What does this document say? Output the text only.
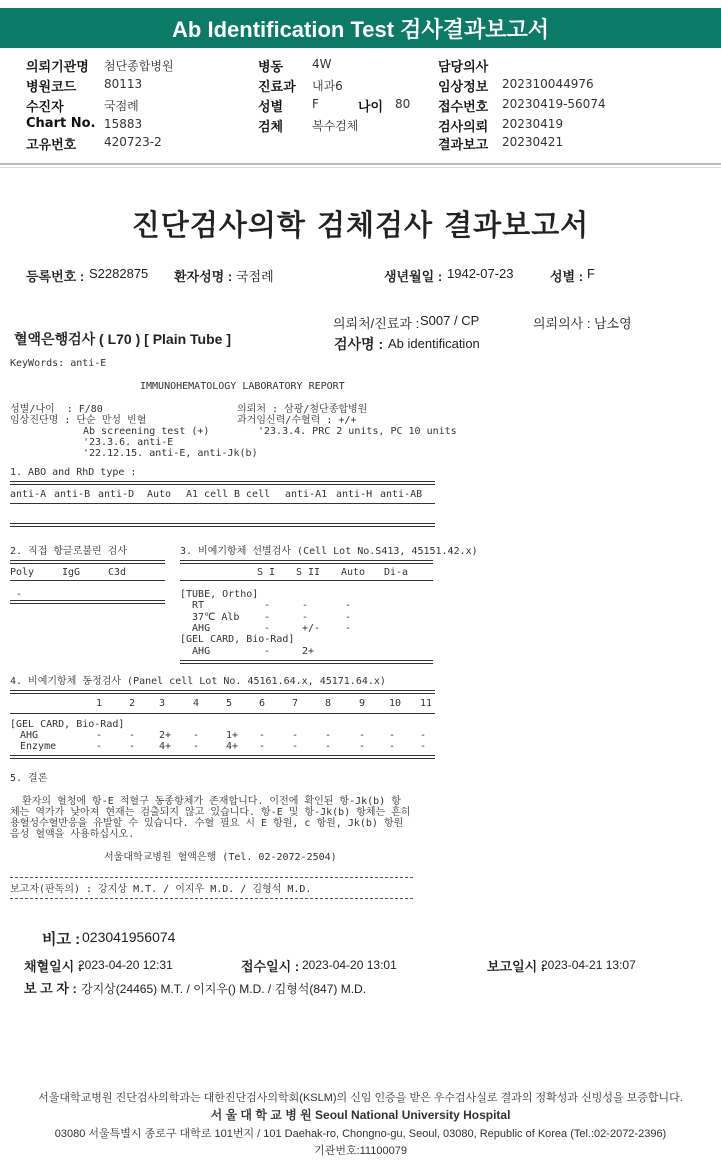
Ab Identification Test 검사결과보고서
의뢰기관명 첨단종합병원
병원코드 80113
수진자	국점례
Chart No. 15883
고유번호 420723-2
병동 4W
진료과 내과6
성별 F	나이 80
검체 복수검체
담당의사
임상정보 202310044976
접수번호 20230419-56074
검사의뢰 20230419
결과보고 20230421
진단검사의학 검체검사 결과보고서
등록번호 : S2282875 환자성명 : 국점례	생년월일 : 1942-07-23	성별 : F
의뢰처/진료과 : S007 / CP	의뢰의사 : 남소영
혈액은행검사 ( L70 ) [ Plain Tube ]	검사명 : Ab identification
KeyWords: anti-E
IMMUNOHEMATOLOGY LABORATORY REPORT
성별/나이  : F/80
임상진단명 : 단순 만성 빈혈
Ab screening test (+)
'23.3.6. anti-E
'22.12.15. anti-E, anti-Jk(b)
의뢰처 : 삼광/첨단종합병원
과거임신력/수혈력 : +/+
'23.3.4. PRC 2 units, PC 10 units
1. ABO and RhD type :
anti-A anti-B anti-D Auto A1 cell B cell anti-A1 anti-H anti-AB
2. 직접 항글로불린 검사
Poly	IgG	C3d
-
3. 비예기항체 선별검사 (Cell Lot No.S413, 45151.42.x)
S I S II Auto Di-a
[TUBE, Ortho]
RT	-	-	-
37℃ Alb -	-	-
AHG	-	+/- -
[GEL CARD, Bio-Rad]
AHG	-	2+
4. 비예기항체 동정검사 (Panel cell Lot No. 45161.64.x, 45171.64.x)
1	2 3	4	5	6	7	8	9 10 11
[GEL CARD, Bio-Rad]
AHG	-	- 2+ -	1+ -	-	-	- - -
Enzyme	-	- 4+ -	4+ -	-	-	- - -
5. 결론
환자의 혈청에 항-E 적혈구 동종항체가 존재합니다. 이전에 확인된 항-Jk(b) 항
체는 역가가 낮아져 현재는 검출되지 않고 있습니다. 항-E 및 항-Jk(b) 항체는 흔히
용혈성수혈반응을 유발할 수 있습니다. 수혈 필요 시 E 항원, c 항원, Jk(b) 항원
음성 혈액을 사용하십시오.
서울대학교병원 혈액은행 (Tel. 02-2072-2504)
보고자(판독의) : 강지상 M.T. / 이지우 M.D. / 김형석 M.D.
비고 : 023041956074
채혈일시 :
2023-04-20 12:31	접수일시 : 2023-04-20 13:01	보고일시 :
2023-04-21 13:07
보 고 자 : 강지상(24465) M.T. / 이지우() M.D. / 김형석(847) M.D.
서울대학교병원 진단검사의학과는 대한진단검사의학회(KSLM)의 신임 인증을 받은 우수검사실로 결과의 정확성과 신빙성을 보증합니다.
서 울 대 학 교 병 원 Seoul National University Hospital
03080 서울특별시 종로구 대학로 101번지 / 101 Daehak-ro, Chongno-gu, Seoul, 03080, Republic of Korea (Tel.:02-2072-2396)
기관번호:11100079
